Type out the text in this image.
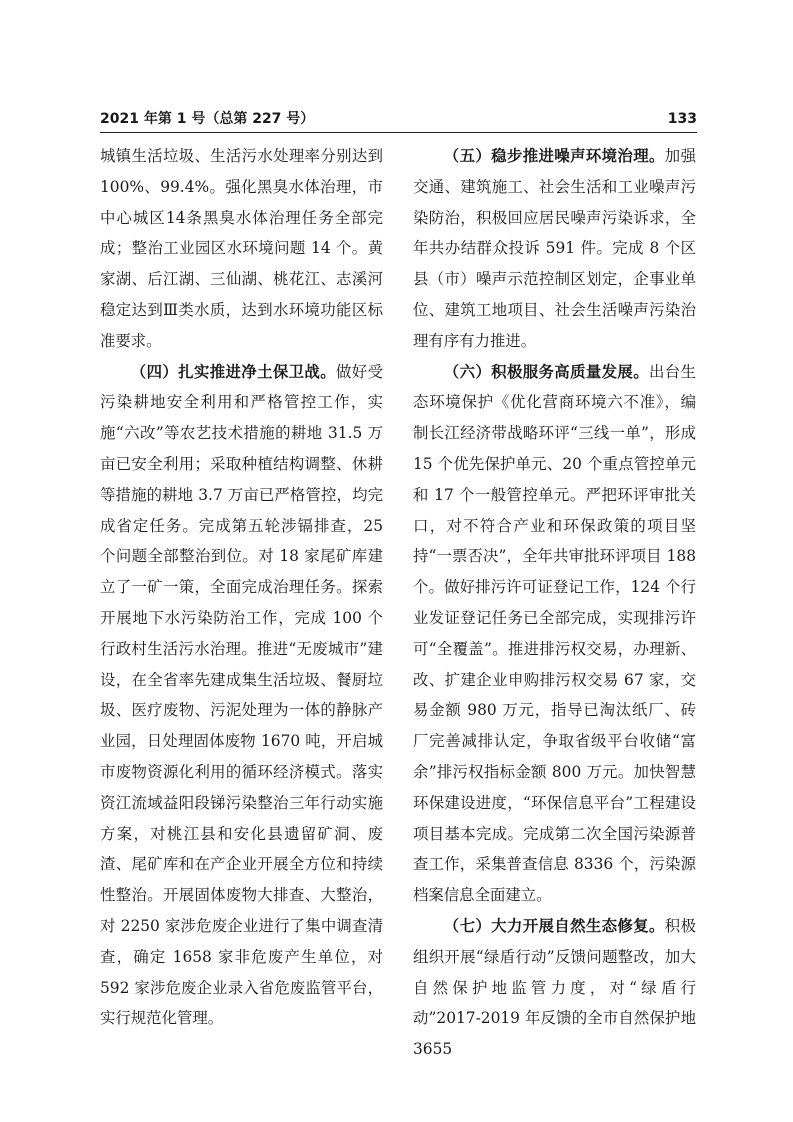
2021 年第 1 号（总第 227 号）	133

城镇生活垃圾、生活污水处理率分别达到100%、99.4%。强化黑臭水体治理，市中心城区14条黑臭水体治理任务全部完成；整治工业园区水环境问题 14 个。黄家湖、后江湖、三仙湖、桃花江、志溪河稳定达到Ⅲ类水质，达到水环境功能区标准要求。

（四）扎实推进净土保卫战。做好受污染耕地安全利用和严格管控工作，实施“六改”等农艺技术措施的耕地 31.5 万亩已安全利用；采取种植结构调整、休耕等措施的耕地 3.7 万亩已严格管控，均完成省定任务。完成第五轮涉镉排查，25 个问题全部整治到位。对 18 家尾矿库建立了一矿一策，全面完成治理任务。探索开展地下水污染防治工作，完成 100 个行政村生活污水治理。推进“无废城市”建设，在全省率先建成集生活垃圾、餐厨垃圾、医疗废物、污泥处理为一体的静脉产业园，日处理固体废物 1670 吨，开启城市废物资源化利用的循环经济模式。落实资江流域益阳段锑污染整治三年行动实施方案，对桃江县和安化县遗留矿洞、废渣、尾矿库和在产企业开展全方位和持续性整治。开展固体废物大排查、大整治，对 2250 家涉危废企业进行了集中调查清查，确定 1658 家非危废产生单位，对 592 家涉危废企业录入省危废监管平台，实行规范化管理。

（五）稳步推进噪声环境治理。加强交通、建筑施工、社会生活和工业噪声污染防治，积极回应居民噪声污染诉求，全年共办结群众投诉 591 件。完成 8 个区县（市）噪声示范控制区划定，企事业单位、建筑工地项目、社会生活噪声污染治理有序有力推进。

（六）积极服务高质量发展。出台生态环境保护《优化营商环境六不准》，编制长江经济带战略环评“三线一单”，形成 15 个优先保护单元、20 个重点管控单元和 17 个一般管控单元。严把环评审批关口，对不符合产业和环保政策的项目坚持“一票否决”，全年共审批环评项目 188 个。做好排污许可证登记工作，124 个行业发证登记任务已全部完成，实现排污许可“全覆盖”。推进排污权交易，办理新、改、扩建企业申购排污权交易 67 家，交易金额 980 万元，指导已淘汰纸厂、砖厂完善减排认定，争取省级平台收储“富余”排污权指标金额 800 万元。加快智慧环保建设进度，“环保信息平台”工程建设项目基本完成。完成第二次全国污染源普查工作，采集普查信息 8336 个，污染源档案信息全面建立。

（七）大力开展自然生态修复。积极组织开展“绿盾行动”反馈问题整改，加大自然保护地监管力度，对“绿盾行动”2017-2019 年反馈的全市自然保护地 3655
